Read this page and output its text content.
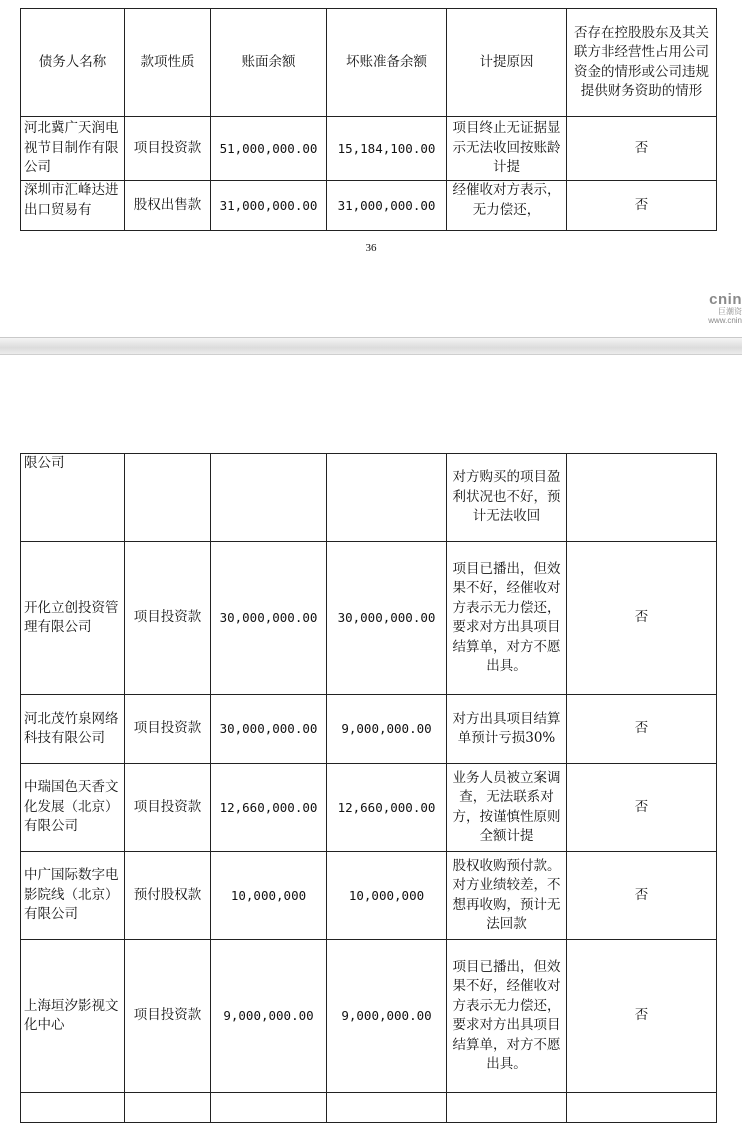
债务人名称	款项性质	账面余额	坏账准备余额	计提原因	否存在控股股东及其关联方非经营性占用公司资金的情形或公司违规提供财务资助的情形
河北冀广天润电视节目制作有限公司	项目投资款	51,000,000.00	15,184,100.00	项目终止无证据显示无法收回按账龄计提	否
深圳市汇峰达进出口贸易有	股权出售款	31,000,000.00	31,000,000.00	经催收对方表示，无力偿还，	否
36
cnin
巨潮资
www.cnin
限公司				对方购买的项目盈利状况也不好，预计无法收回	
开化立创投资管理有限公司	项目投资款	30,000,000.00	30,000,000.00	项目已播出，但效果不好，经催收对方表示无力偿还，要求对方出具项目结算单，对方不愿出具。	否
河北茂竹泉网络科技有限公司	项目投资款	30,000,000.00	9,000,000.00	对方出具项目结算单预计亏损30%	否
中瑞国色天香文化发展（北京）有限公司	项目投资款	12,660,000.00	12,660,000.00	业务人员被立案调查，无法联系对方，按谨慎性原则全额计提	否
中广国际数字电影院线（北京）有限公司	预付股权款	10,000,000	10,000,000	股权收购预付款。对方业绩较差，不想再收购，预计无法回款	否
上海垣汐影视文化中心	项目投资款	9,000,000.00	9,000,000.00	项目已播出，但效果不好，经催收对方表示无力偿还，要求对方出具项目结算单，对方不愿出具。	否
